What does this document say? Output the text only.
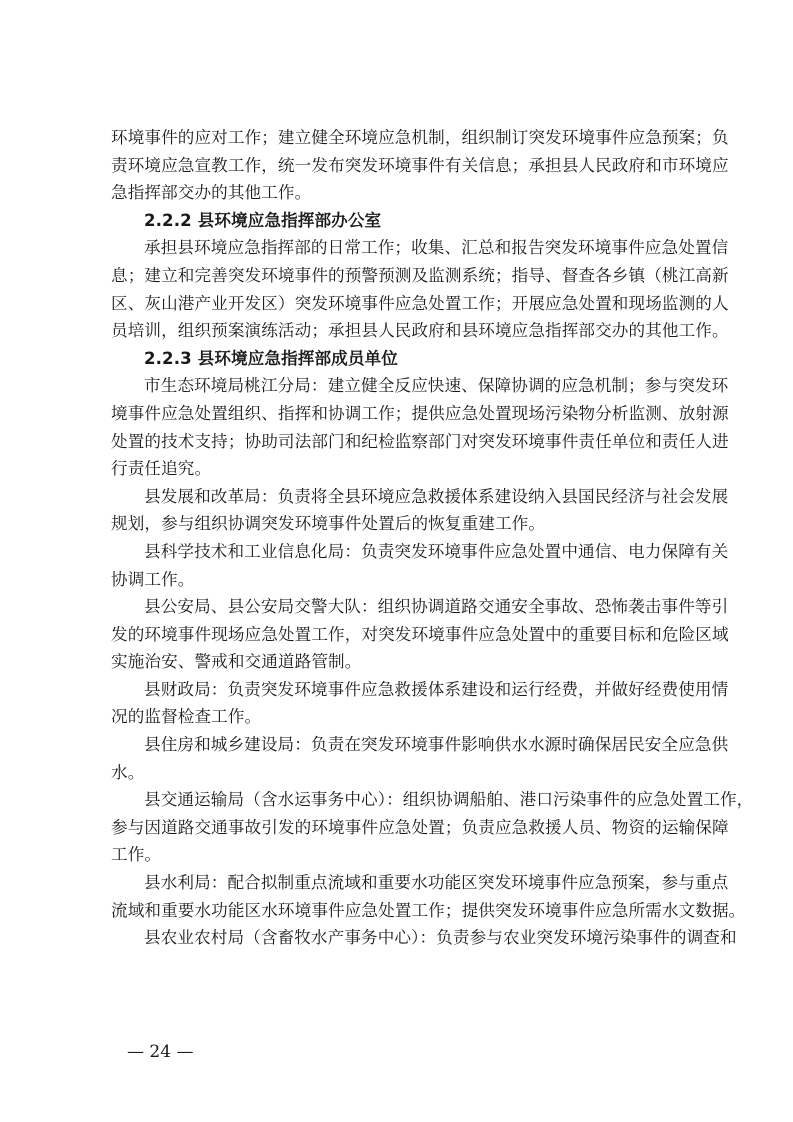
环境事件的应对工作；建立健全环境应急机制，组织制订突发环境事件应急预案；负
责环境应急宣教工作，统一发布突发环境事件有关信息；承担县人民政府和市环境应
急指挥部交办的其他工作。
2.2.2 县环境应急指挥部办公室
承担县环境应急指挥部的日常工作；收集、汇总和报告突发环境事件应急处置信
息；建立和完善突发环境事件的预警预测及监测系统；指导、督查各乡镇（桃江高新
区、灰山港产业开发区）突发环境事件应急处置工作；开展应急处置和现场监测的人
员培训，组织预案演练活动；承担县人民政府和县环境应急指挥部交办的其他工作。
2.2.3 县环境应急指挥部成员单位
市生态环境局桃江分局：建立健全反应快速、保障协调的应急机制；参与突发环
境事件应急处置组织、指挥和协调工作；提供应急处置现场污染物分析监测、放射源
处置的技术支持；协助司法部门和纪检监察部门对突发环境事件责任单位和责任人进
行责任追究。
县发展和改革局：负责将全县环境应急救援体系建设纳入县国民经济与社会发展
规划，参与组织协调突发环境事件处置后的恢复重建工作。
县科学技术和工业信息化局：负责突发环境事件应急处置中通信、电力保障有关
协调工作。
县公安局、县公安局交警大队：组织协调道路交通安全事故、恐怖袭击事件等引
发的环境事件现场应急处置工作，对突发环境事件应急处置中的重要目标和危险区域
实施治安、警戒和交通道路管制。
县财政局：负责突发环境事件应急救援体系建设和运行经费，并做好经费使用情
况的监督检查工作。
县住房和城乡建设局：负责在突发环境事件影响供水水源时确保居民安全应急供
水。
县交通运输局（含水运事务中心）：组织协调船舶、港口污染事件的应急处置工作，
参与因道路交通事故引发的环境事件应急处置；负责应急救援人员、物资的运输保障
工作。
县水利局：配合拟制重点流域和重要水功能区突发环境事件应急预案，参与重点
流域和重要水功能区水环境事件应急处置工作；提供突发环境事件应急所需水文数据。
县农业农村局（含畜牧水产事务中心）：负责参与农业突发环境污染事件的调查和
— 24 —
